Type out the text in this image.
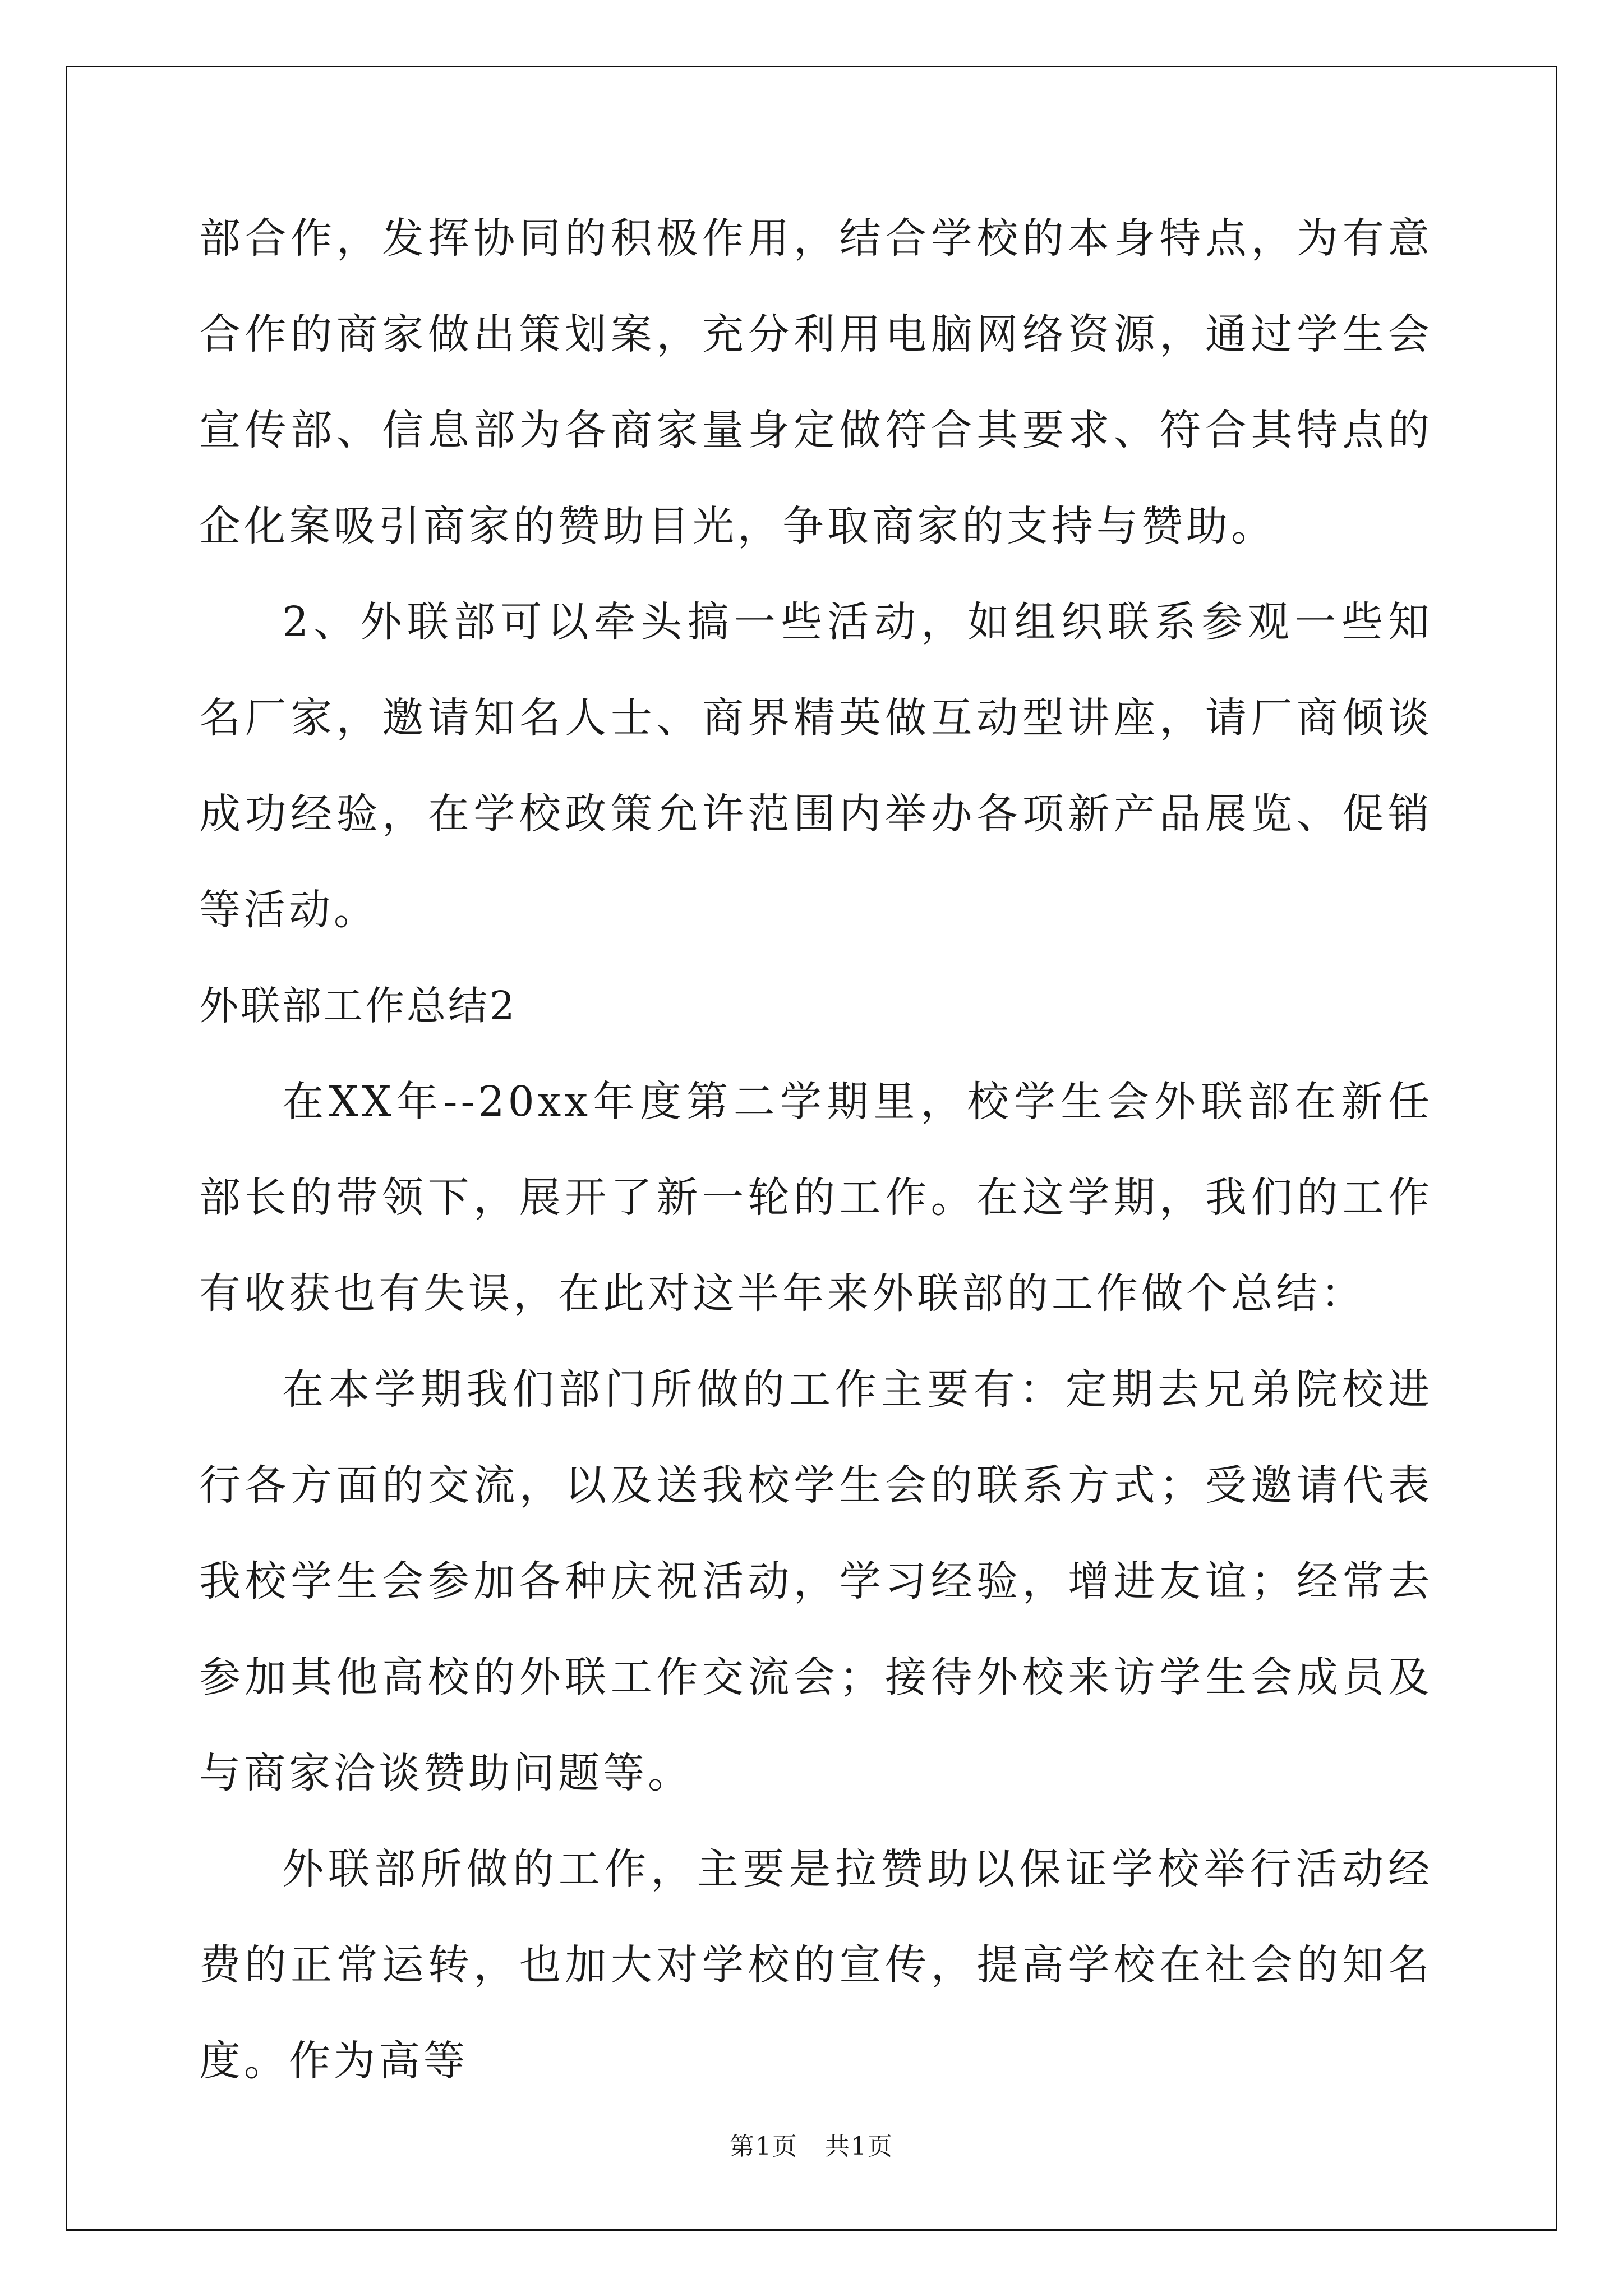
部合作，发挥协同的积极作用，结合学校的本身特点，为有意合作的商家做出策划案，充分利用电脑网络资源，通过学生会宣传部、信息部为各商家量身定做符合其要求、符合其特点的企化案吸引商家的赞助目光，争取商家的支持与赞助。

2、外联部可以牵头搞一些活动，如组织联系参观一些知名厂家，邀请知名人士、商界精英做互动型讲座，请厂商倾谈成功经验，在学校政策允许范围内举办各项新产品展览、促销等活动。

外联部工作总结2

在XX年--20xx年度第二学期里，校学生会外联部在新任部长的带领下，展开了新一轮的工作。在这学期，我们的工作有收获也有失误，在此对这半年来外联部的工作做个总结：

在本学期我们部门所做的工作主要有：定期去兄弟院校进行各方面的交流，以及送我校学生会的联系方式；受邀请代表我校学生会参加各种庆祝活动，学习经验，增进友谊；经常去参加其他高校的外联工作交流会；接待外校来访学生会成员及与商家洽谈赞助问题等。

外联部所做的工作，主要是拉赞助以保证学校举行活动经费的正常运转，也加大对学校的宣传，提高学校在社会的知名度。作为高等

第1页 共1页
